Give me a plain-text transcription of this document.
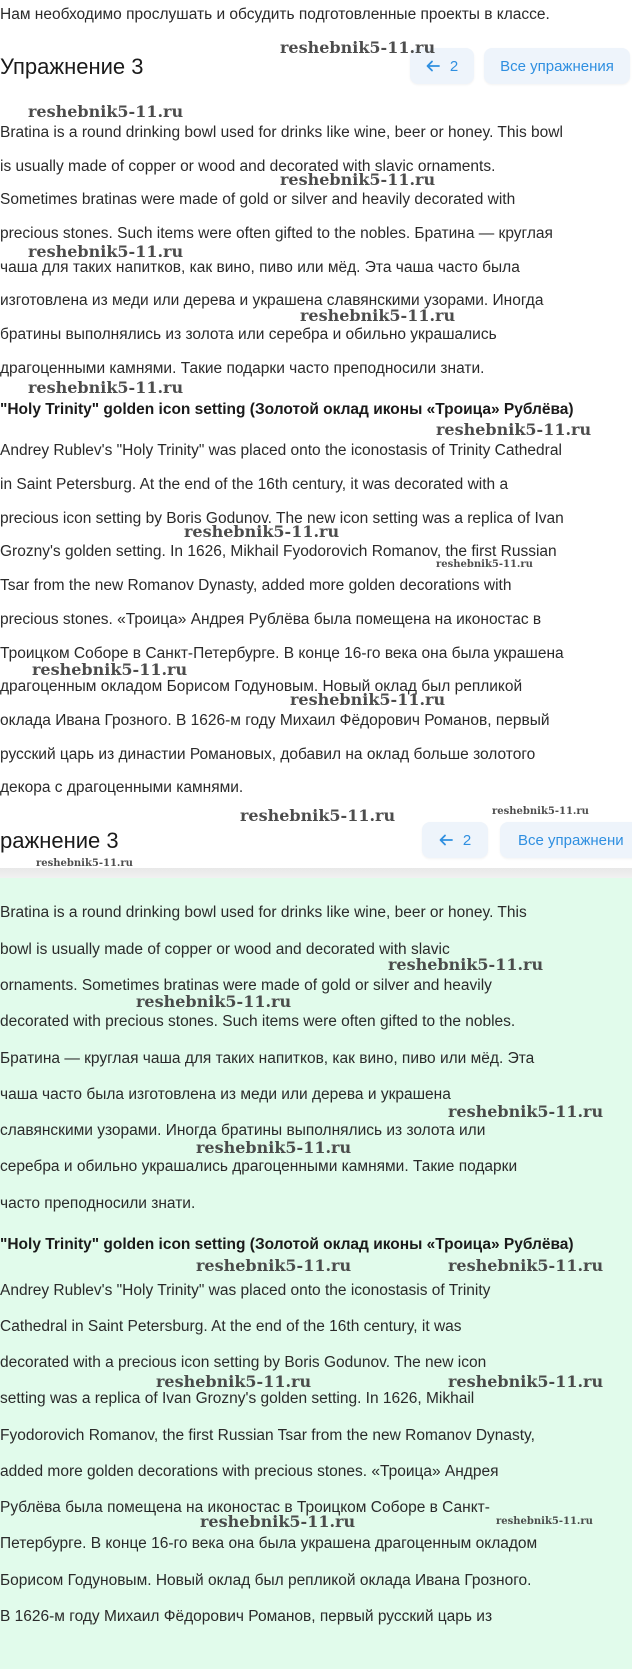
Нам необходимо прослушать и обсудить подготовленные проекты в классе.
Упражнение 3	2	Все упражнения
Bratina is a round drinking bowl used for drinks like wine, beer or honey. This bowl
is usually made of copper or wood and decorated with slavic ornaments.
Sometimes bratinas were made of gold or silver and heavily decorated with
precious stones. Such items were often gifted to the nobles. Братина — круглая
чаша для таких напитков, как вино, пиво или мёд. Эта чаша часто была
изготовлена из меди или дерева и украшена славянскими узорами. Иногда
братины выполнялись из золота или серебра и обильно украшались
драгоценными камнями. Такие подарки часто преподносили знати.
"Holy Trinity" golden icon setting (Золотой оклад иконы «Троица» Рублёва)
Andrey Rublev's "Holy Trinity" was placed onto the iconostasis of Trinity Cathedral
in Saint Petersburg. At the end of the 16th century, it was decorated with a
precious icon setting by Boris Godunov. The new icon setting was a replica of Ivan
Grozny's golden setting. In 1626, Mikhail Fyodorovich Romanov, the first Russian
Tsar from the new Romanov Dynasty, added more golden decorations with
precious stones. «Троица» Андрея Рублёва была помещена на иконостас в
Троицком Соборе в Санкт-Петербурге. В конце 16-го века она была украшена
драгоценным окладом Борисом Годуновым. Новый оклад был репликой
оклада Ивана Грозного. В 1626-м году Михаил Фёдорович Романов, первый
русский царь из династии Романовых, добавил на оклад больше золотого
декора с драгоценными камнями.
ражнение 3	2	Все упражнени
Bratina is a round drinking bowl used for drinks like wine, beer or honey. This
bowl is usually made of copper or wood and decorated with slavic
ornaments. Sometimes bratinas were made of gold or silver and heavily
decorated with precious stones. Such items were often gifted to the nobles.
Братина — круглая чаша для таких напитков, как вино, пиво или мёд. Эта
чаша часто была изготовлена из меди или дерева и украшена
славянскими узорами. Иногда братины выполнялись из золота или
серебра и обильно украшались драгоценными камнями. Такие подарки
часто преподносили знати.
"Holy Trinity" golden icon setting (Золотой оклад иконы «Троица» Рублёва)
Andrey Rublev's "Holy Trinity" was placed onto the iconostasis of Trinity
Cathedral in Saint Petersburg. At the end of the 16th century, it was
decorated with a precious icon setting by Boris Godunov. The new icon
setting was a replica of Ivan Grozny's golden setting. In 1626, Mikhail
Fyodorovich Romanov, the first Russian Tsar from the new Romanov Dynasty,
added more golden decorations with precious stones. «Троица» Андрея
Рублёва была помещена на иконостас в Троицком Соборе в Санкт-
Петербурге. В конце 16-го века она была украшена драгоценным окладом
Борисом Годуновым. Новый оклад был репликой оклада Ивана Грозного.
В 1626-м году Михаил Фёдорович Романов, первый русский царь из
reshebnik5-11.ru
reshebnik5-11.ru
reshebnik5-11.ru
reshebnik5-11.ru
reshebnik5-11.ru
reshebnik5-11.ru
reshebnik5-11.ru
reshebnik5-11.ru
reshebnik5-11.ru
reshebnik5-11.ru
reshebnik5-11.ru
reshebnik5-11.ru	reshebnik5-11.ru
reshebnik5-11.ru
reshebnik5-11.ru
reshebnik5-11.ru
reshebnik5-11.ru
reshebnik5-11.ru
reshebnik5-11.ru	reshebnik5-11.ru
reshebnik5-11.ru	reshebnik5-11.ru
reshebnik5-11.ru	reshebnik5-11.ru
